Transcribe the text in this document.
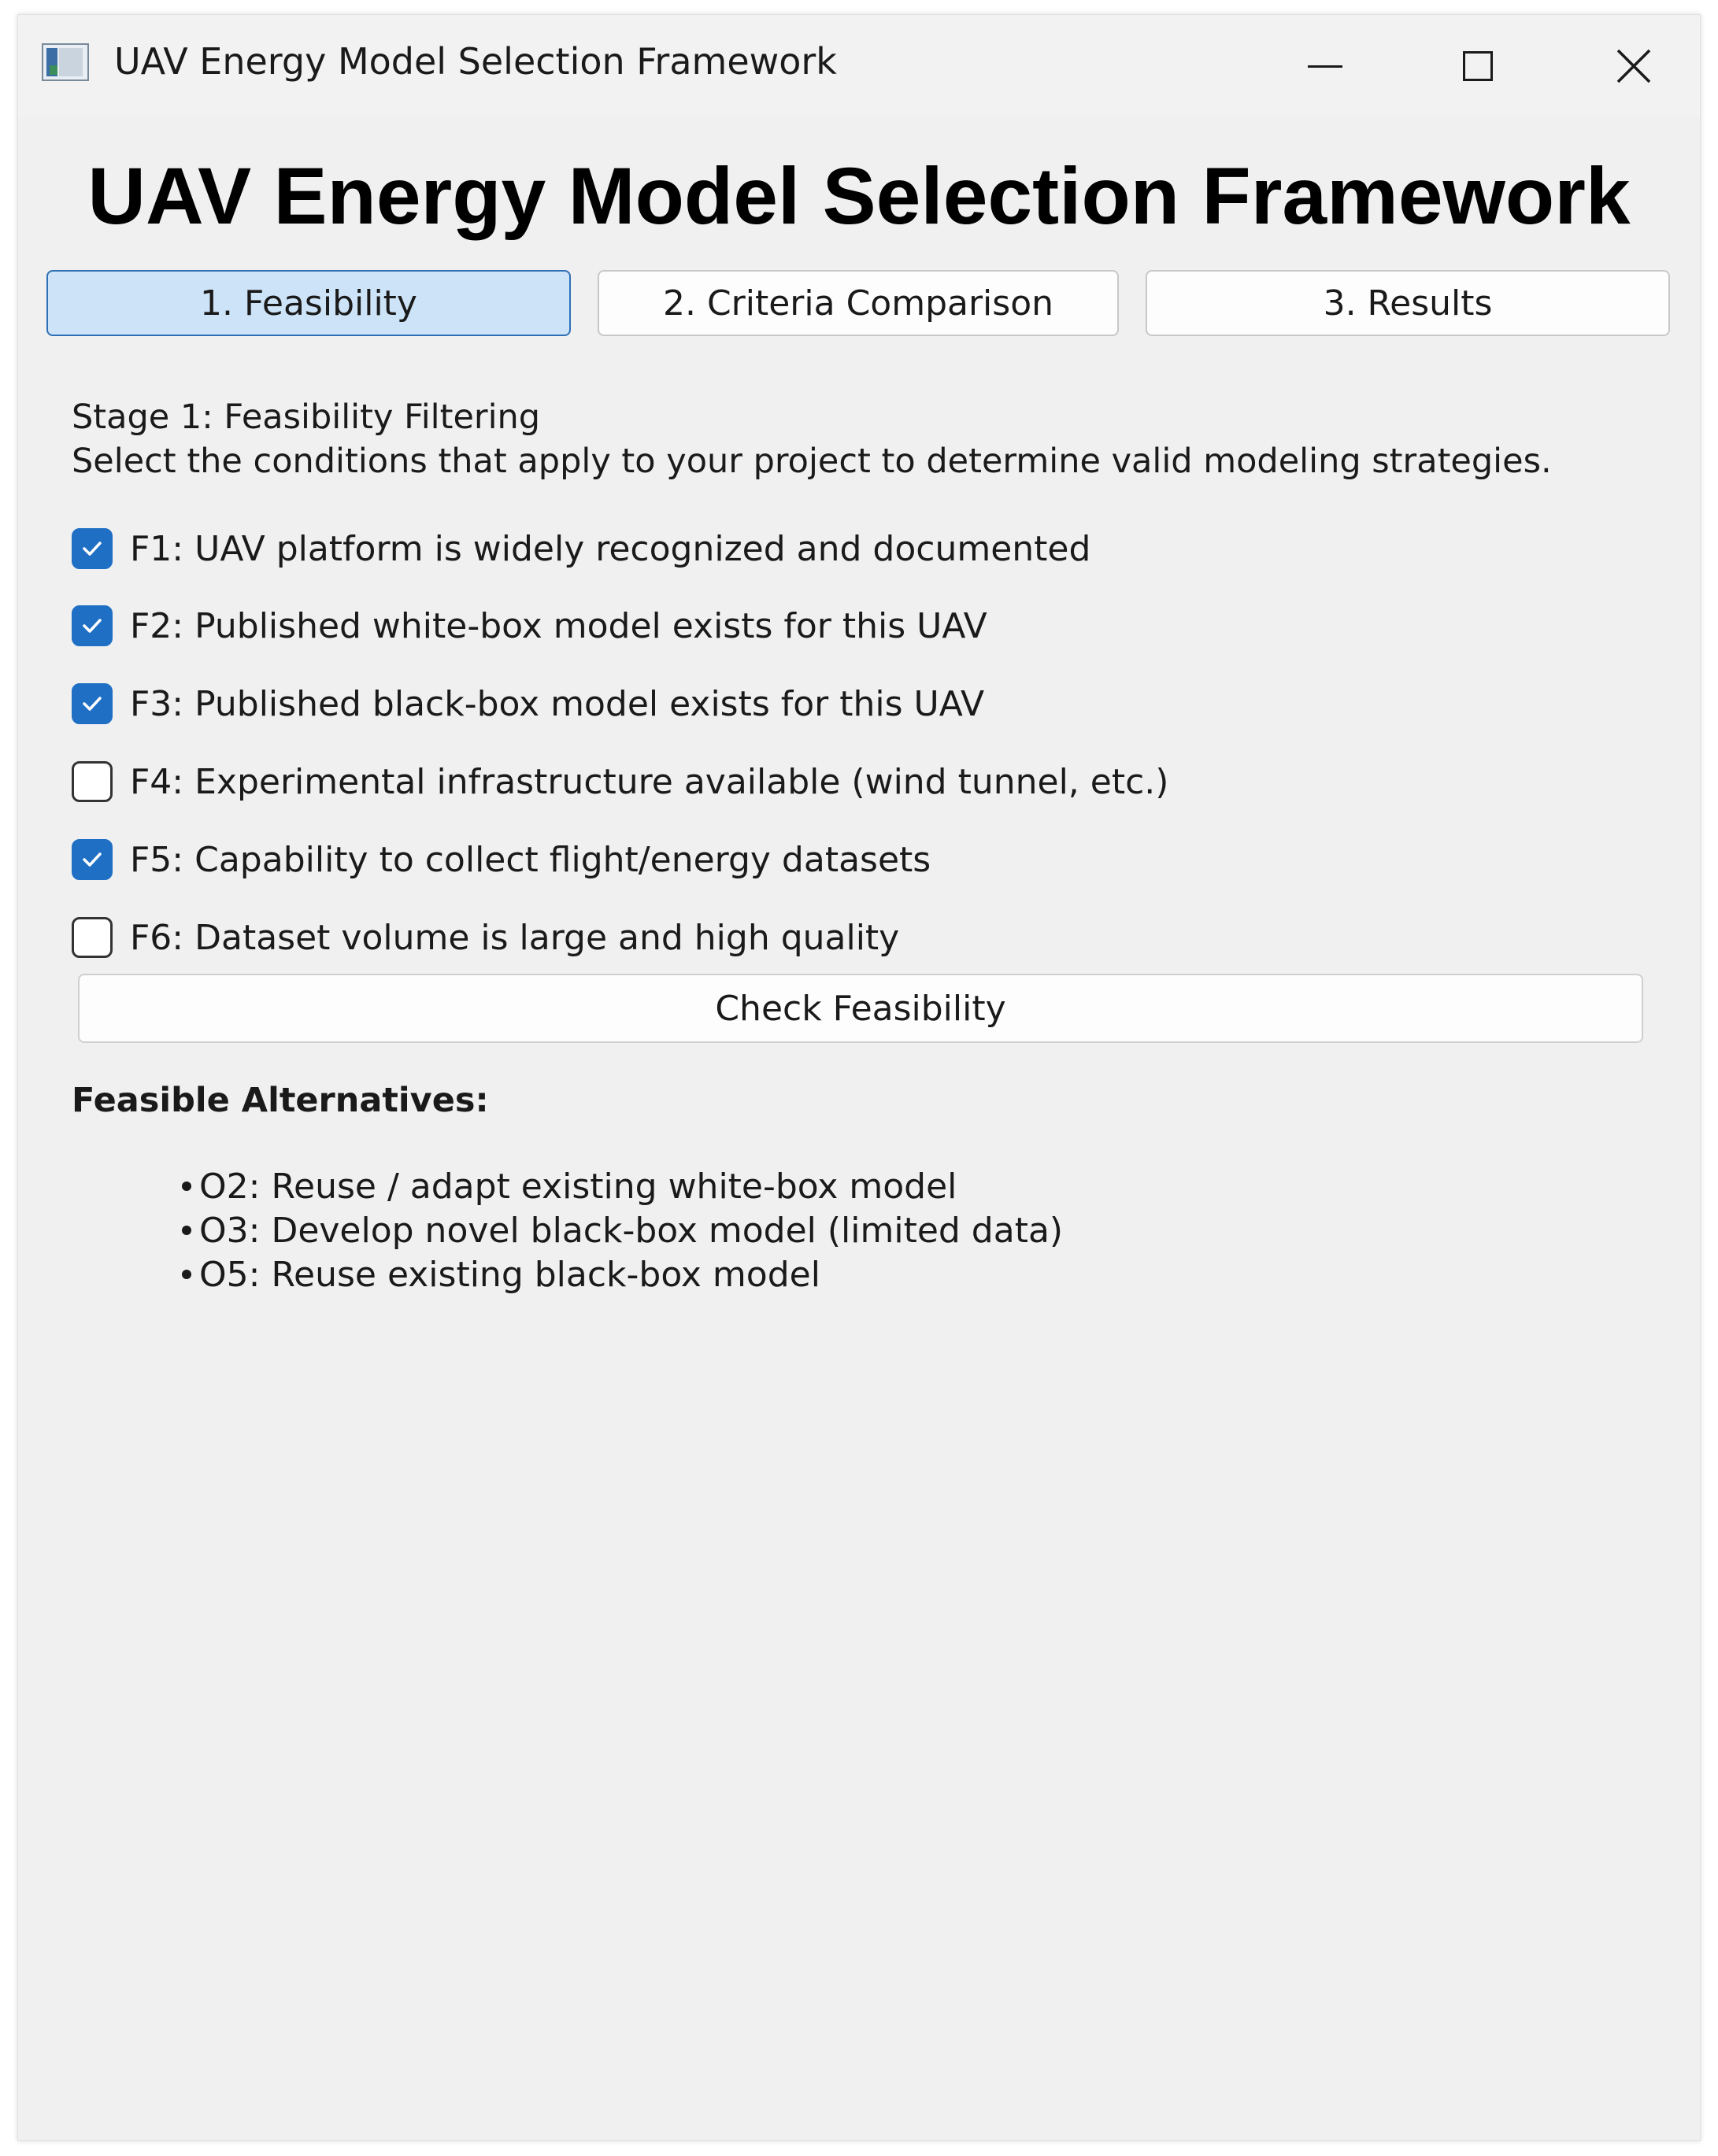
UAV Energy Model Selection Framework
UAV Energy Model Selection Framework
1. Feasibility	2. Criteria Comparison	3. Results
Stage 1: Feasibility Filtering
Select the conditions that apply to your project to determine valid modeling strategies.
F1: UAV platform is widely recognized and documented
F2: Published white-box model exists for this UAV
F3: Published black-box model exists for this UAV
F4: Experimental infrastructure available (wind tunnel, etc.)
F5: Capability to collect flight/energy datasets
F6: Dataset volume is large and high quality
Check Feasibility
Feasible Alternatives:
O2: Reuse / adapt existing white-box model
O3: Develop novel black-box model (limited data)
O5: Reuse existing black-box model
